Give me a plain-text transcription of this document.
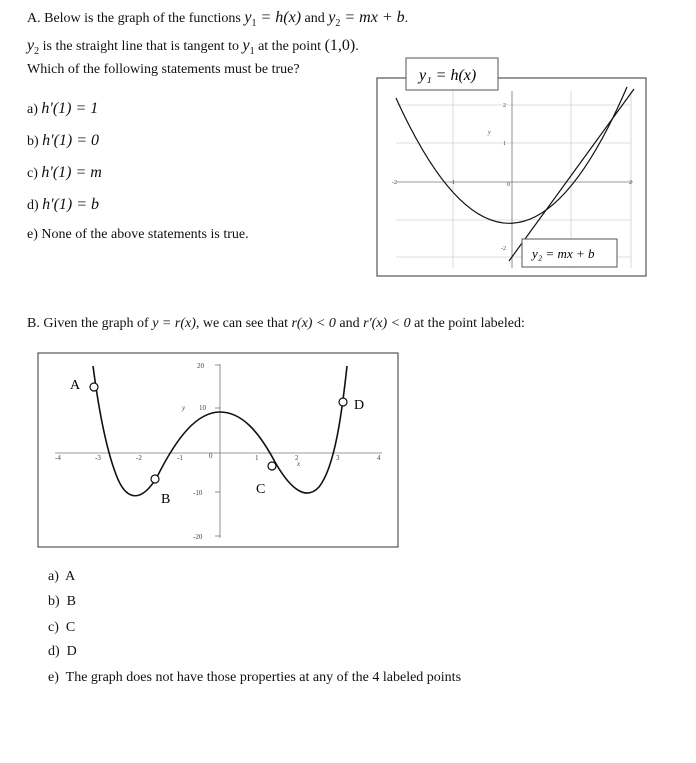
A. Below is the graph of the functions $y_1 = h(x)$ and $y_2$ = mx + b.
$y_2$ is the straight line that is tangent to $y_1$ at the point (1,0).
Which of the following statements must be true?
a) h'(1) = 1
b) h'(1) = 0
c) h'(1) = m
d) h'(1) = b
e) None of the above statements is true.
-2	-1	0	2
2
1
-2
y
y₁ = h(x)
y₂ = mx + b
B. Given the graph of y = r(x), we can see that r(x) < 0 and r'(x) < 0 at the point labeled:
20
10
0
-10
-20
y
-4	-3	-2	-1	1	2	3	4
x
A
B
C
D
a) A
b) B
c) C
d) D
e) The graph does not have those properties at any of the 4 labeled points
